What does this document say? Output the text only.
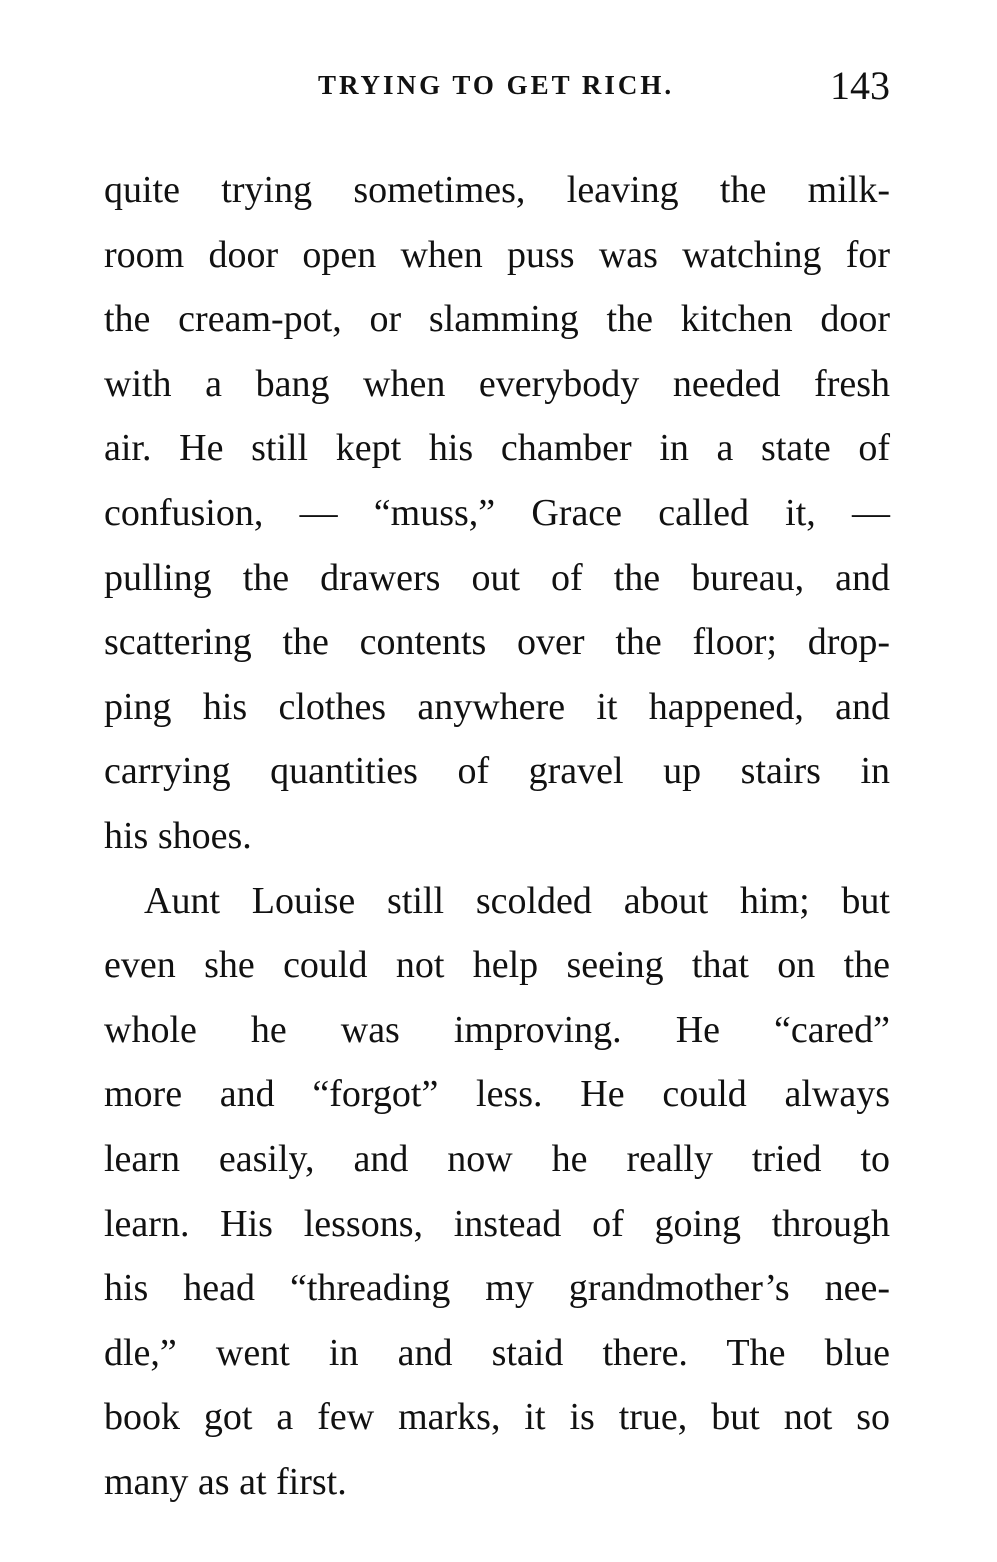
TRYING TO GET RICH.	143
quite trying sometimes, leaving the milk-
room door open when puss was watching for
the cream-pot, or slamming the kitchen door
with a bang when everybody needed fresh
air. He still kept his chamber in a state of
confusion, — “muss,” Grace called it, —
pulling the drawers out of the bureau, and
scattering the contents over the floor; drop-
ping his clothes anywhere it happened, and
carrying quantities of gravel up stairs in
his shoes.
Aunt Louise still scolded about him; but
even she could not help seeing that on the
whole he was improving. He “cared”
more and “forgot” less. He could always
learn easily, and now he really tried to
learn. His lessons, instead of going through
his head “threading my grandmother’s nee-
dle,” went in and staid there. The blue
book got a few marks, it is true, but not so
many as at first.
